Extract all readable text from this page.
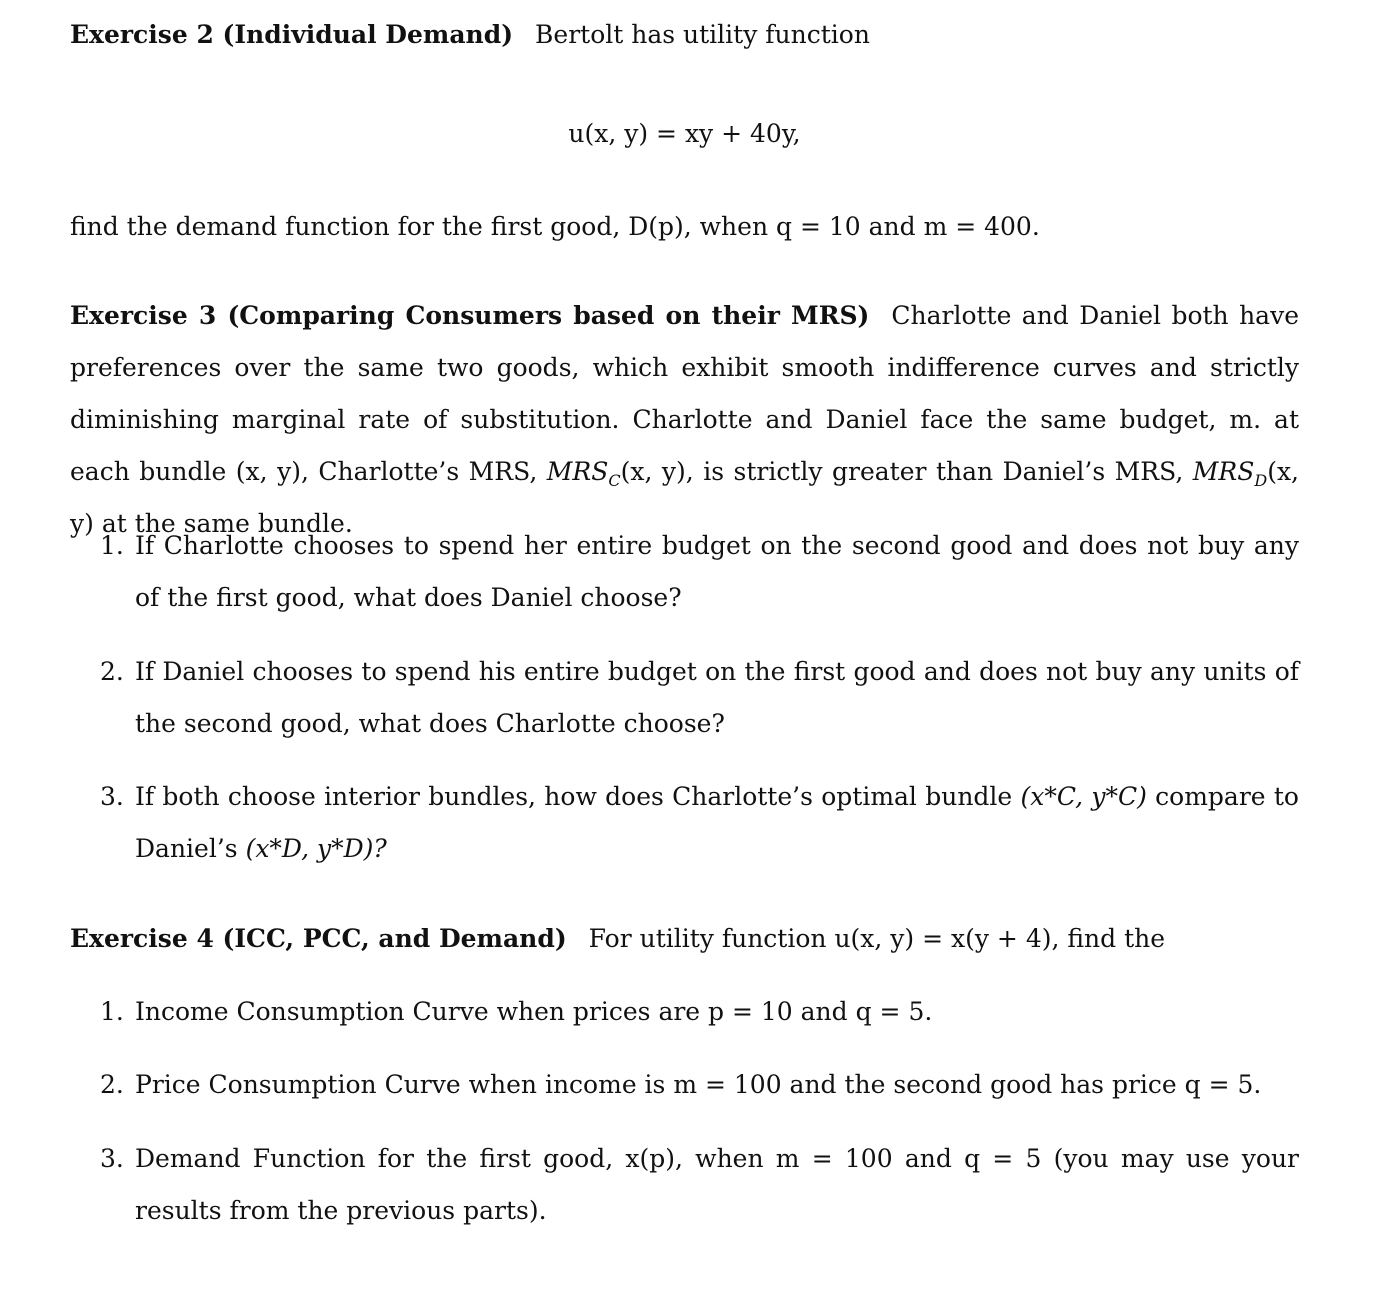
Exercise 2 (Individual Demand) Bertolt has utility function
u(x, y) = xy + 40y,
find the demand function for the first good, D(p), when q = 10 and m = 400.
Exercise 3 (Comparing Consumers based on their MRS) Charlotte and Daniel both have preferences over the same two goods, which exhibit smooth indifference curves and strictly diminishing marginal rate of substitution. Charlotte and Daniel face the same budget, m. at each bundle (x, y), Charlotte’s MRS, $MRS_C(x$, y), is strictly greater than Daniel’s MRS, $MRS_D(x$, y) at the same bundle.
1. If Charlotte chooses to spend her entire budget on the second good and does not buy any of the first good, what does Daniel choose?
2. If Daniel chooses to spend his entire budget on the first good and does not buy any units of the second good, what does Charlotte choose?
3. If both choose interior bundles, how does Charlotte’s optimal bundle (x*C, y*C) compare to Daniel’s (x*D, y*D)?
Exercise 4 (ICC, PCC, and Demand) For utility function u(x, y) = x(y + 4), find the
1. Income Consumption Curve when prices are p = 10 and q = 5.
2. Price Consumption Curve when income is m = 100 and the second good has price q = 5.
3. Demand Function for the first good, x(p), when m = 100 and q = 5 (you may use your results from the previous parts).
